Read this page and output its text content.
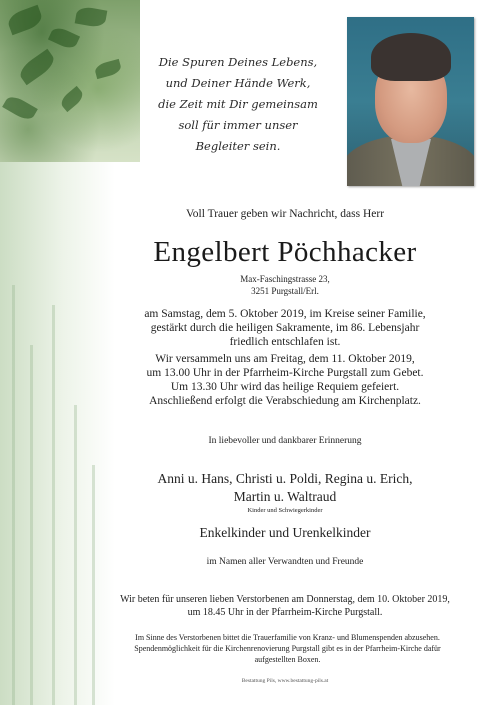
Die Spuren Deines Lebens,
und Deiner Hände Werk,
die Zeit mit Dir gemeinsam
soll für immer unser
Begleiter sein.
Voll Trauer geben wir Nachricht, dass Herr
Engelbert Pöchhacker
Max-Faschingstrasse 23,
3251 Purgstall/Erl.
am Samstag, dem 5. Oktober 2019, im Kreise seiner Familie,
gestärkt durch die heiligen Sakramente, im 86. Lebensjahr
friedlich entschlafen ist.
Wir versammeln uns am Freitag, dem 11. Oktober 2019,
um 13.00 Uhr in der Pfarrheim-Kirche Purgstall zum Gebet.
Um 13.30 Uhr wird das heilige Requiem gefeiert.
Anschließend erfolgt die Verabschiedung am Kirchenplatz.
In liebevoller und dankbarer Erinnerung
Anni u. Hans, Christi u. Poldi, Regina u. Erich,
Martin u. Waltraud
Kinder und Schwiegerkinder
Enkelkinder und Urenkelkinder
im Namen aller Verwandten und Freunde
Wir beten für unseren lieben Verstorbenen am Donnerstag, dem 10. Oktober 2019,
um 18.45 Uhr in der Pfarrheim-Kirche Purgstall.
Im Sinne des Verstorbenen bittet die Trauerfamilie von Kranz- und Blumenspenden abzusehen.
Spendenmöglichkeit für die Kirchenrenovierung Purgstall gibt es in der Pfarrheim-Kirche dafür
aufgestellten Boxen.
Bestattung Pils, www.bestattung-pils.at
